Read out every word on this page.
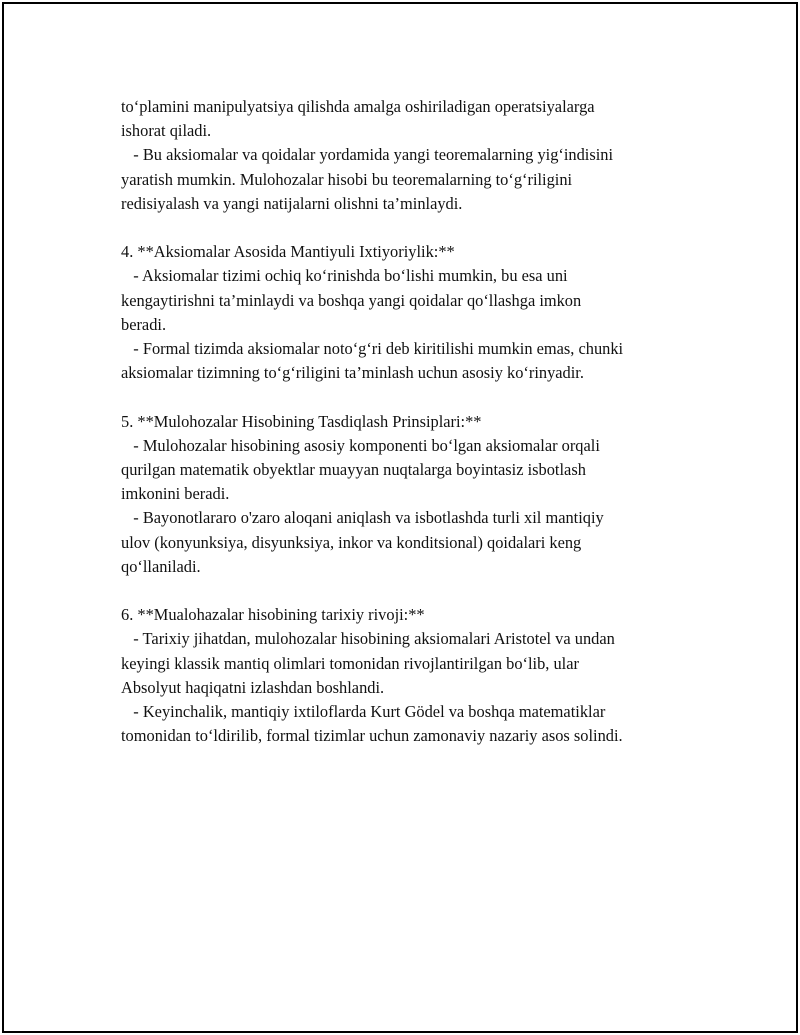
to‘plamini manipulyatsiya qilishda amalga oshiriladigan operatsiyalarga
ishorat qiladi.
- Bu aksiomalar va qoidalar yordamida yangi teoremalarning yig‘indisini
yaratish mumkin. Mulohozalar hisobi bu teoremalarning to‘g‘riligini
redisiyalash va yangi natijalarni olishni ta’minlaydi.

4. **Aksiomalar Asosida Mantiyuli Ixtiyoriylik:**
- Aksiomalar tizimi ochiq ko‘rinishda bo‘lishi mumkin, bu esa uni
kengaytirishni ta’minlaydi va boshqa yangi qoidalar qo‘llashga imkon
beradi.
- Formal tizimda aksiomalar noto‘g‘ri deb kiritilishi mumkin emas, chunki
aksiomalar tizimning to‘g‘riligini ta’minlash uchun asosiy ko‘rinyadir.

5. **Mulohozalar Hisobining Tasdiqlash Prinsiplari:**
- Mulohozalar hisobining asosiy komponenti bo‘lgan aksiomalar orqali
qurilgan matematik obyektlar muayyan nuqtalarga boyintasiz isbotlash
imkonini beradi.
- Bayonotlararo o'zaro aloqani aniqlash va isbotlashda turli xil mantiqiy
ulov (konyunksiya, disyunksiya, inkor va konditsional) qoidalari keng
qo‘llaniladi.

6. **Mualohazalar hisobining tarixiy rivoji:**
- Tarixiy jihatdan, mulohozalar hisobining aksiomalari Aristotel va undan
keyingi klassik mantiq olimlari tomonidan rivojlantirilgan bo‘lib, ular
Absolyut haqiqatni izlashdan boshlandi.
- Keyinchalik, mantiqiy ixtiloflarda Kurt Gödel va boshqa matematiklar
tomonidan to‘ldirilib, formal tizimlar uchun zamonaviy nazariy asos solindi.
